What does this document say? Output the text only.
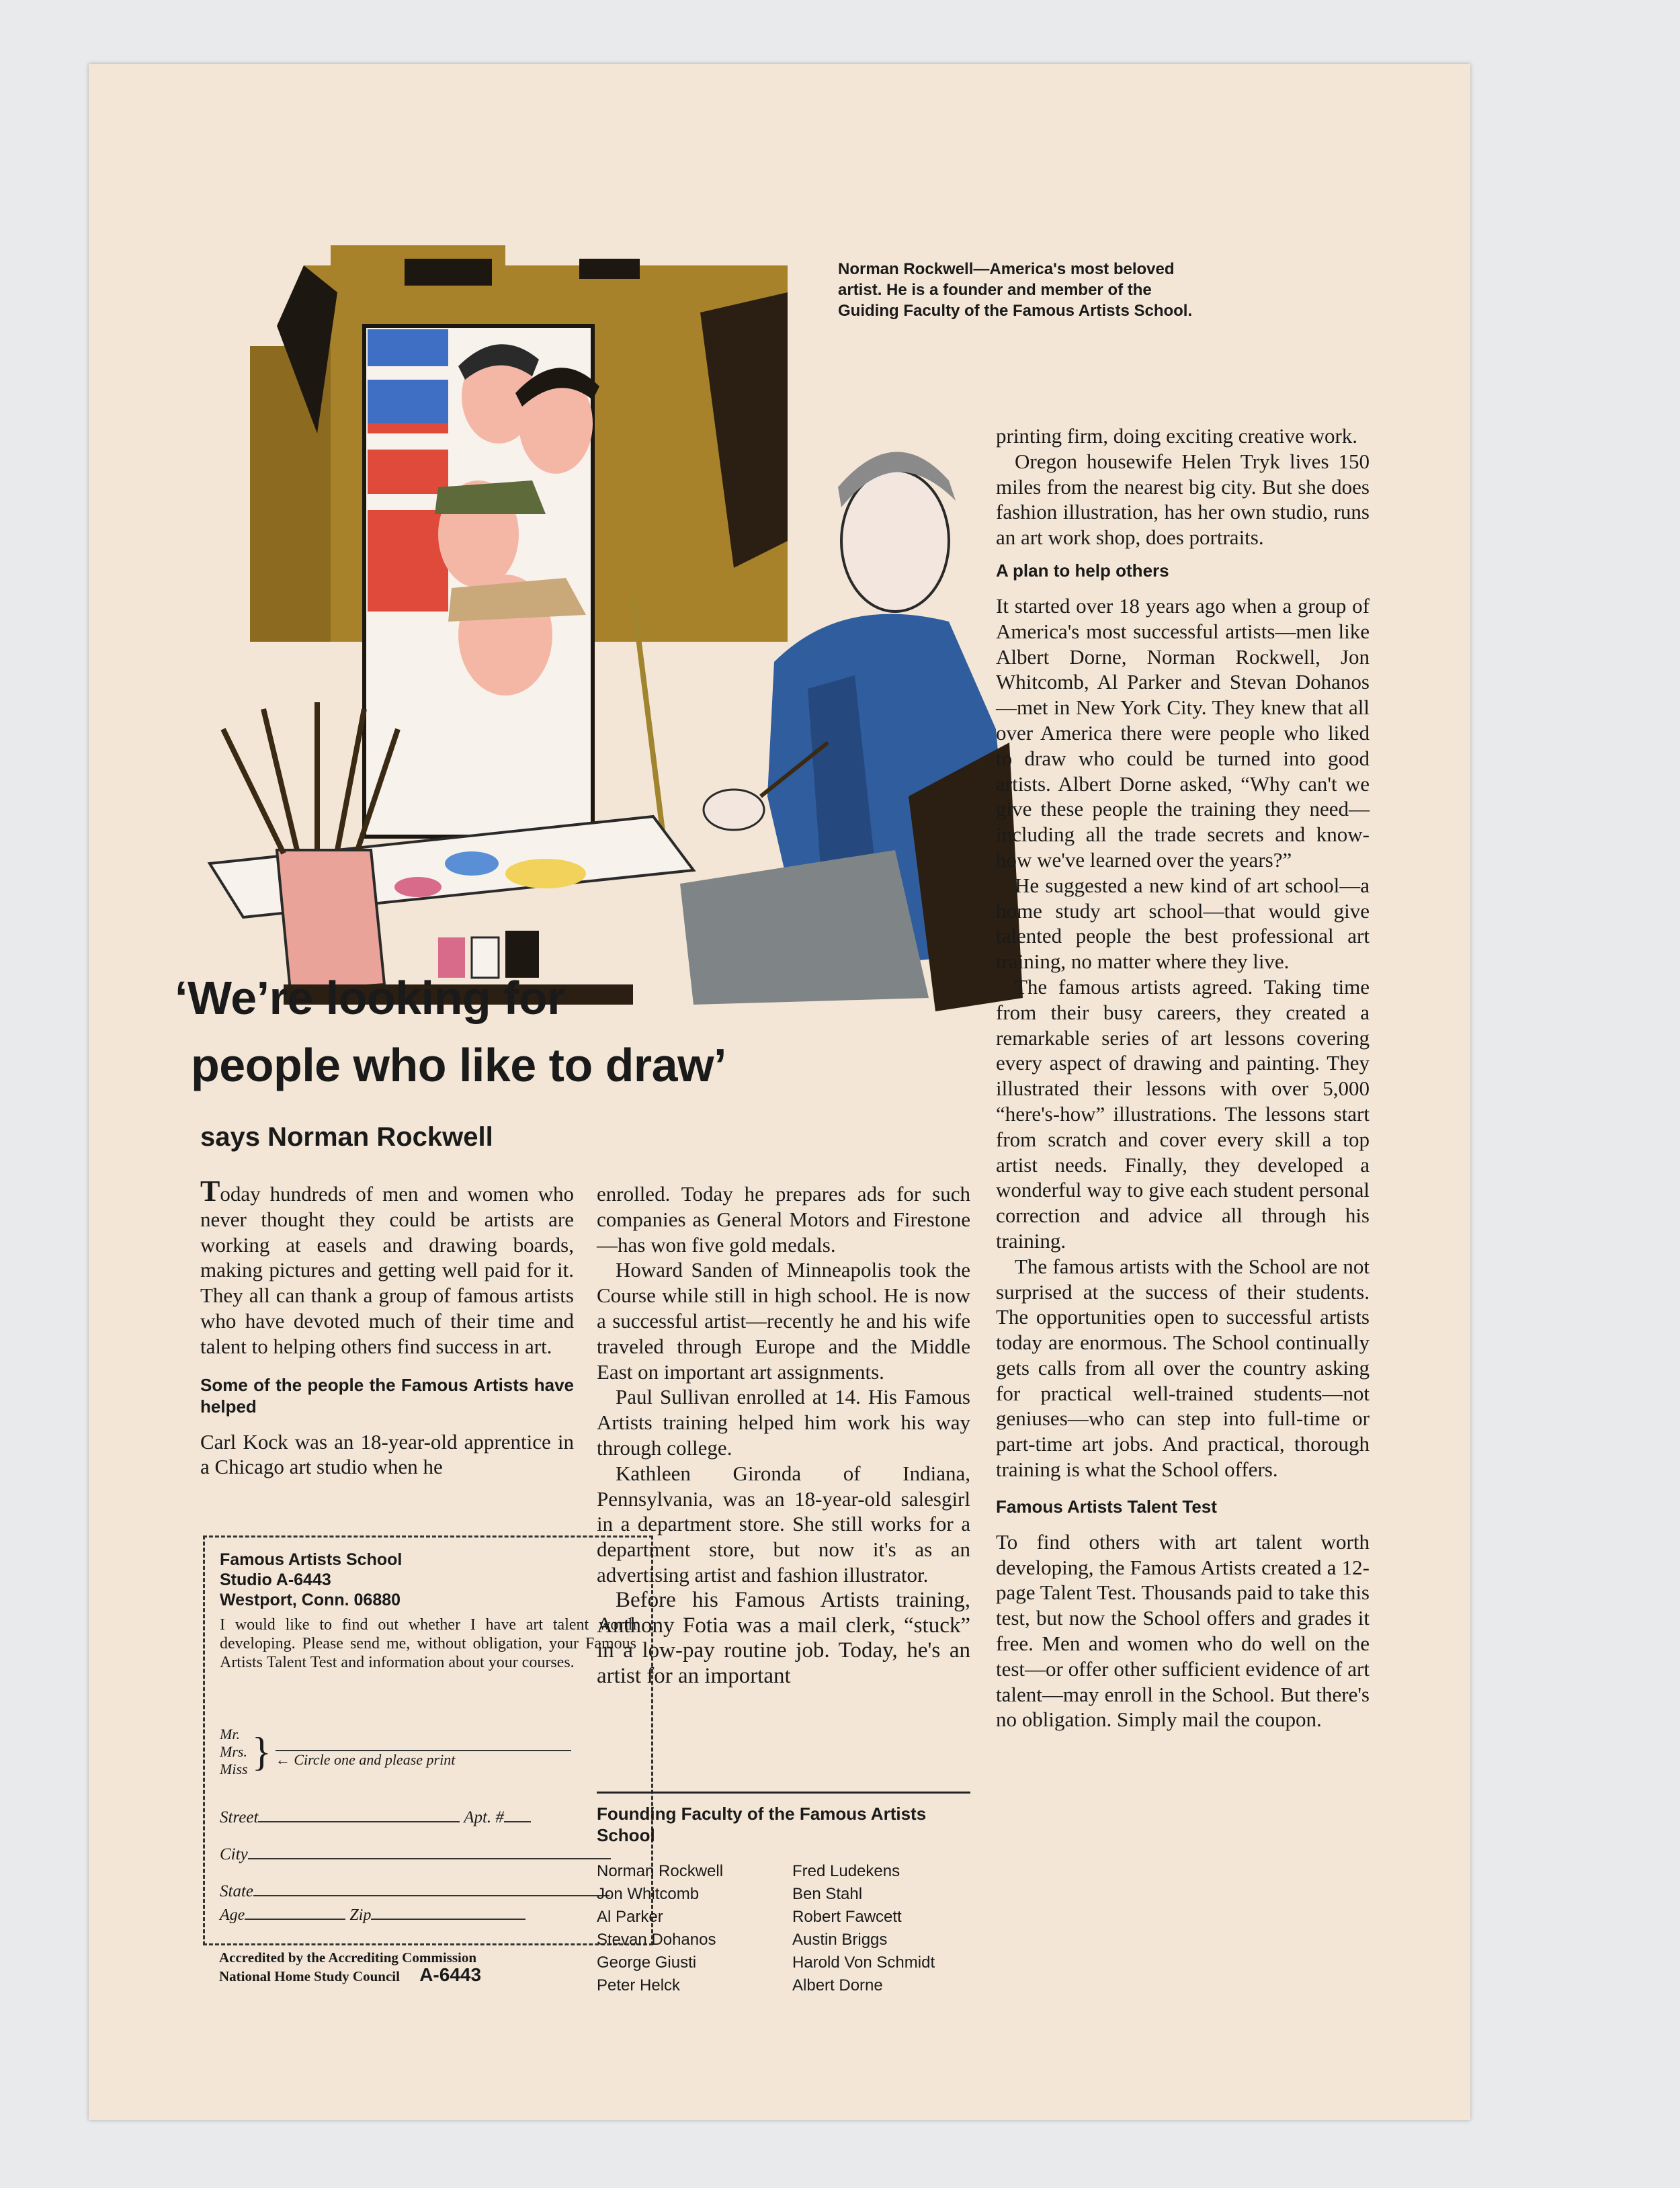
Norman Rockwell—America's most beloved artist. He is a founder and member of the Guiding Faculty of the Famous Artists School.
‘We’re looking for
people who like to draw’
says Norman Rockwell

Today hundreds of men and women who never thought they could be artists are working at easels and drawing boards, making pictures and getting well paid for it. They all can thank a group of famous artists who have devoted much of their time and talent to helping others find success in art.

Some of the people the Famous Artists have helped

Carl Kock was an 18-year-old apprentice in a Chicago art studio when he

Famous Artists School
Studio A-6443
Westport, Conn. 06880
I would like to find out whether I have art talent worth developing. Please send me, without obligation, your Famous Artists Talent Test and information about your courses.
Mr.
Mrs.
Miss } ← Circle one and please print
Street	Apt. #
City
State
Age	Zip
Accredited by the Accrediting Commission
National Home Study Council A-6443

enrolled. Today he prepares ads for such companies as General Motors and Firestone—has won five gold medals.

Howard Sanden of Minneapolis took the Course while still in high school. He is now a successful artist—recently he and his wife traveled through Europe and the Middle East on important art assignments.

Paul Sullivan enrolled at 14. His Famous Artists training helped him work his way through college.

Kathleen Gironda of Indiana, Pennsylvania, was an 18-year-old salesgirl in a department store. She still works for a department store, but now it's as an advertising artist and fashion illustrator.

Before his Famous Artists training, Anthony Fotia was a mail clerk, “stuck” in a low-pay routine job. Today, he's an artist for an important

Founding Faculty of the Famous Artists School
Norman Rockwell
Jon Whitcomb
Al Parker
Stevan Dohanos
George Giusti
Peter Helck
Fred Ludekens
Ben Stahl
Robert Fawcett
Austin Briggs
Harold Von Schmidt
Albert Dorne

printing firm, doing exciting creative work.

Oregon housewife Helen Tryk lives 150 miles from the nearest big city. But she does fashion illustration, has her own studio, runs an art work shop, does portraits.

A plan to help others

It started over 18 years ago when a group of America's most successful artists—men like Albert Dorne, Norman Rockwell, Jon Whitcomb, Al Parker and Stevan Dohanos—met in New York City. They knew that all over America there were people who liked to draw who could be turned into good artists. Albert Dorne asked, “Why can't we give these people the training they need—including all the trade secrets and know-how we've learned over the years?”

He suggested a new kind of art school—a home study art school—that would give talented people the best professional art training, no matter where they live.

The famous artists agreed. Taking time from their busy careers, they created a remarkable series of art lessons covering every aspect of drawing and painting. They illustrated their lessons with over 5,000 “here's-how” illustrations. The lessons start from scratch and cover every skill a top artist needs. Finally, they developed a wonderful way to give each student personal correction and advice all through his training.

The famous artists with the School are not surprised at the success of their students. The opportunities open to successful artists today are enormous. The School continually gets calls from all over the country asking for practical well-trained students—not geniuses—who can step into full-time or part-time art jobs. And practical, thorough training is what the School offers.

Famous Artists Talent Test

To find others with art talent worth developing, the Famous Artists created a 12-page Talent Test. Thousands paid to take this test, but now the School offers and grades it free. Men and women who do well on the test—or offer other sufficient evidence of art talent—may enroll in the School. But there's no obligation. Simply mail the coupon.
